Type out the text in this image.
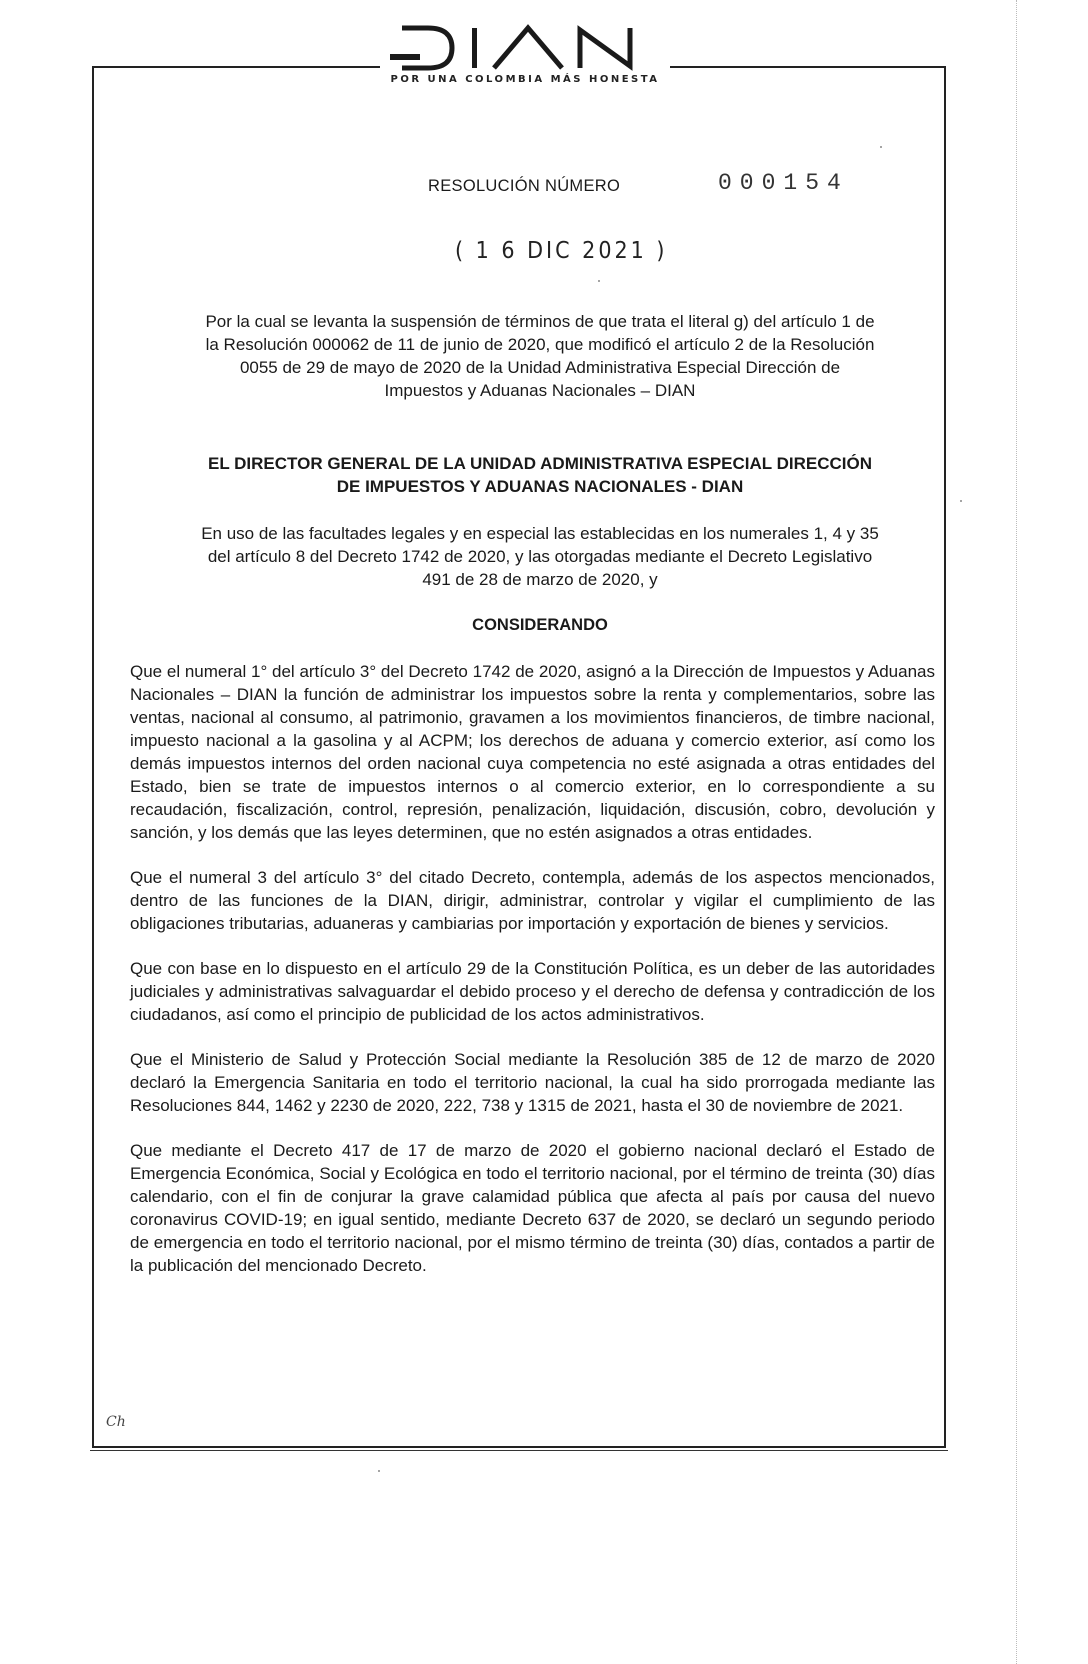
POR UNA COLOMBIA MÁS HONESTA
RESOLUCIÓN NÚMERO	000154
( 1 6 DIC 2021 )

Por la cual se levanta la suspensión de términos de que trata el literal g) del artículo 1 de

la Resolución 000062 de 11 de junio de 2020, que modificó el artículo 2 de la Resolución

0055 de 29 de mayo de 2020 de la Unidad Administrativa Especial Dirección de

Impuestos y Aduanas Nacionales – DIAN

EL DIRECTOR GENERAL DE LA UNIDAD ADMINISTRATIVA ESPECIAL DIRECCIÓN
DE IMPUESTOS Y ADUANAS NACIONALES - DIAN
En uso de las facultades legales y en especial las establecidas en los numerales 1, 4 y 35
del artículo 8 del Decreto 1742 de 2020, y las otorgadas mediante el Decreto Legislativo
491 de 28 de marzo de 2020, y
CONSIDERANDO

Que el numeral 1° del artículo 3° del Decreto 1742 de 2020, asignó a la Dirección de Impuestos y Aduanas Nacionales – DIAN la función de administrar los impuestos sobre la renta y complementarios, sobre las ventas, nacional al consumo, al patrimonio, gravamen a los movimientos financieros, de timbre nacional, impuesto nacional a la gasolina y al ACPM; los derechos de aduana y comercio exterior, así como los demás impuestos internos del orden nacional cuya competencia no esté asignada a otras entidades del Estado, bien se trate de impuestos internos o al comercio exterior, en lo correspondiente a su recaudación, fiscalización, control, represión, penalización, liquidación, discusión, cobro, devolución y sanción, y los demás que las leyes determinen, que no estén asignados a otras entidades.

Que el numeral 3 del artículo 3° del citado Decreto, contempla, además de los aspectos mencionados, dentro de las funciones de la DIAN, dirigir, administrar, controlar y vigilar el cumplimiento de las obligaciones tributarias, aduaneras y cambiarias por importación y exportación de bienes y servicios.

Que con base en lo dispuesto en el artículo 29 de la Constitución Política, es un deber de las autoridades judiciales y administrativas salvaguardar el debido proceso y el derecho de defensa y contradicción de los ciudadanos, así como el principio de publicidad de los actos administrativos.

Que el Ministerio de Salud y Protección Social mediante la Resolución 385 de 12 de marzo de 2020 declaró la Emergencia Sanitaria en todo el territorio nacional, la cual ha sido prorrogada mediante las Resoluciones 844, 1462 y 2230 de 2020, 222, 738 y 1315 de 2021, hasta el 30 de noviembre de 2021.

Que mediante el Decreto 417 de 17 de marzo de 2020 el gobierno nacional declaró el Estado de Emergencia Económica, Social y Ecológica en todo el territorio nacional, por el término de treinta (30) días calendario, con el fin de conjurar la grave calamidad pública que afecta al país por causa del nuevo coronavirus COVID-19; en igual sentido, mediante Decreto 637 de 2020, se declaró un segundo periodo de emergencia en todo el territorio nacional, por el mismo término de treinta (30) días, contados a partir de la publicación del mencionado Decreto.

Ch
